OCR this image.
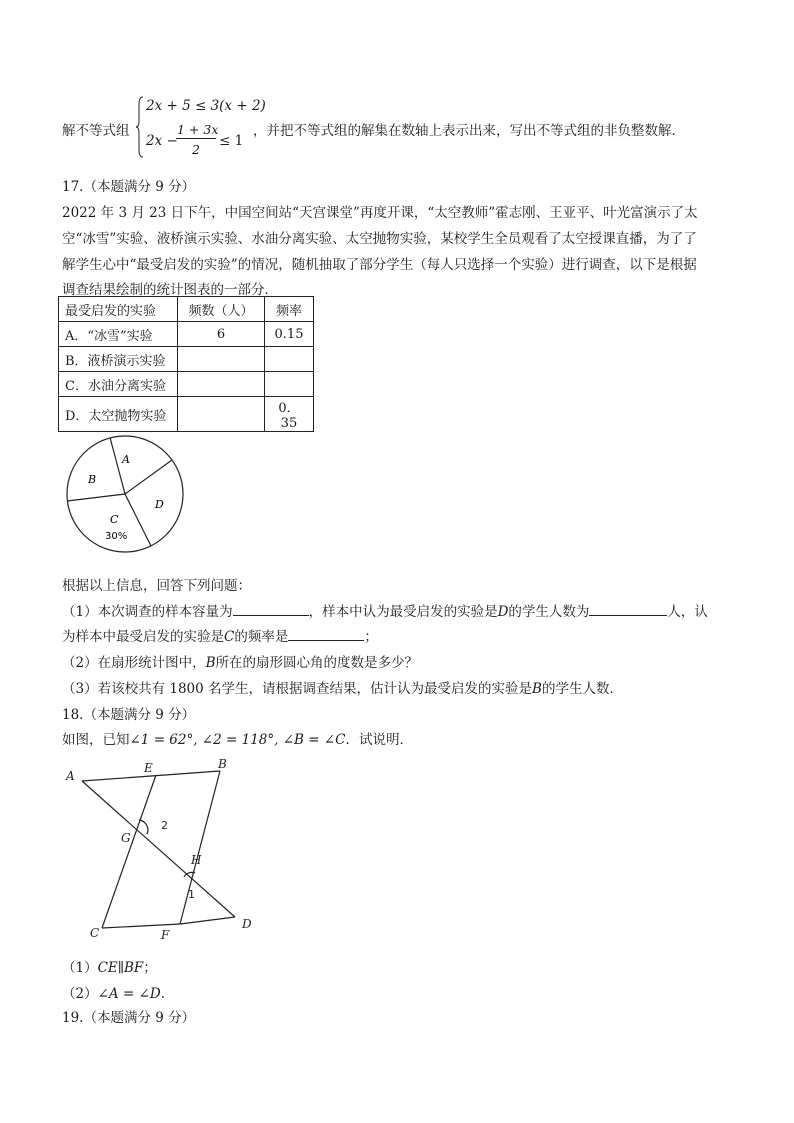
解不等式组
2x + 5 ≤ 3(x + 2)
2x −
1 + 3x
2
≤ 1
，并把不等式组的解集在数轴上表示出来，写出不等式组的非负整数解．
17.（本题满分 9 分）
2022 年 3 月 23 日下午，中国空间站“天宫课堂”再度开课，“太空教师”霍志刚、王亚平、叶光富演示了太
空“冰雪”实验、液桥演示实验、水油分离实验、太空抛物实验，某校学生全员观看了太空授课直播，为了了
解学生心中“最受启发的实验”的情况，随机抽取了部分学生（每人只选择一个实验）进行调查，以下是根据
调查结果绘制的统计图表的一部分．
最受启发的实验	频数（人）	频率
A．“冰雪”实验	6	0.15
B．液桥演示实验		
C．水油分离实验		
D．太空抛物实验		0．35
A
B
D
C
30%
根据以上信息，回答下列问题：
（1）本次调查的样本容量为	，样本中认为最受启发的实验是D的学生人数为	人，认
为样本中最受启发的实验是C的频率是	；
（2）在扇形统计图中，B所在的扇形圆心角的度数是多少？
（3）若该校共有 1800 名学生，请根据调查结果，估计认为最受启发的实验是B的学生人数．
18.（本题满分 9 分）
如图，已知∠1 = 62°, ∠2 = 118°, ∠B = ∠C．试说明．
A
B
E
G
H
C	F
D
2
1
（1）CE∥BF；
（2）∠A = ∠D．
19.（本题满分 9 分）
